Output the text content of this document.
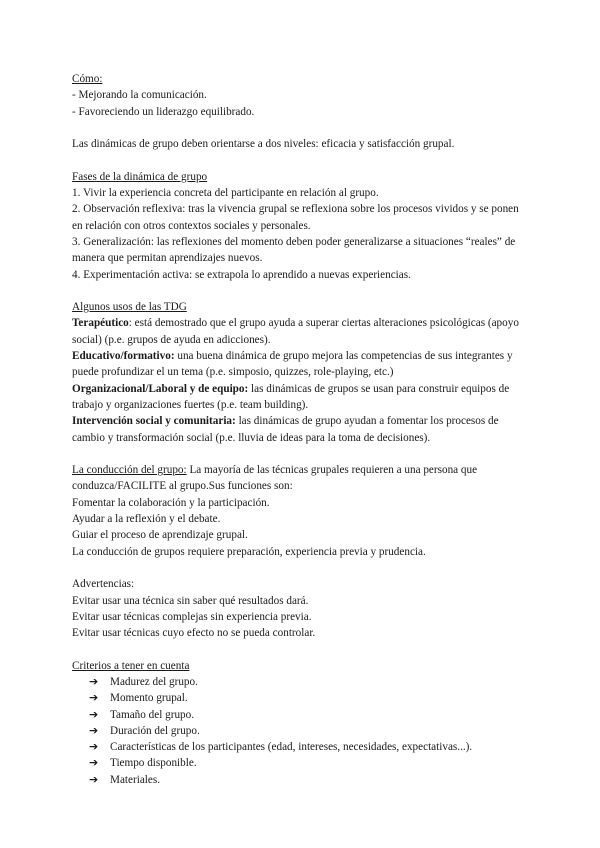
Cómo:
- Mejorando la comunicación.
- Favoreciendo un liderazgo equilibrado.
Las dinámicas de grupo deben orientarse a dos niveles: eficacia y satisfacción grupal.
Fases de la dinámica de grupo
1. Vivir la experiencia concreta del participante en relación al grupo.
2. Observación reflexiva: tras la vivencia grupal se reflexiona sobre los procesos vividos y se ponen en relación con otros contextos sociales y personales.
3. Generalización: las reflexiones del momento deben poder generalizarse a situaciones “reales” de manera que permitan aprendizajes nuevos.
4. Experimentación activa: se extrapola lo aprendido a nuevas experiencias.
Algunos usos de las TDG
Terapéutico: está demostrado que el grupo ayuda a superar ciertas alteraciones psicológicas (apoyo social) (p.e. grupos de ayuda en adicciones).
Educativo/formativo: una buena dinámica de grupo mejora las competencias de sus integrantes y puede profundizar el un tema (p.e. simposio, quizzes, role-playing, etc.)
Organizacional/Laboral y de equipo: las dinámicas de grupos se usan para construir equipos de trabajo y organizaciones fuertes (p.e. team building).
Intervención social y comunitaria: las dinámicas de grupo ayudan a fomentar los procesos de cambio y transformación social (p.e. lluvia de ideas para la toma de decisiones).
La conducción del grupo: La mayoría de las técnicas grupales requieren a una persona que conduzca/FACILITE al grupo.Sus funciones son:
Fomentar la colaboración y la participación.
Ayudar a la reflexión y el debate.
Guiar el proceso de aprendizaje grupal.
La conducción de grupos requiere preparación, experiencia previa y prudencia.
Advertencias:
Evitar usar una técnica sin saber qué resultados dará.
Evitar usar técnicas complejas sin experiencia previa.
Evitar usar técnicas cuyo efecto no se pueda controlar.
Criterios a tener en cuenta
➔ Madurez del grupo.
➔ Momento grupal.
➔ Tamaño del grupo.
➔ Duración del grupo.
➔ Características de los participantes (edad, intereses, necesidades, expectativas...).
➔ Tiempo disponible.
➔ Materiales.
